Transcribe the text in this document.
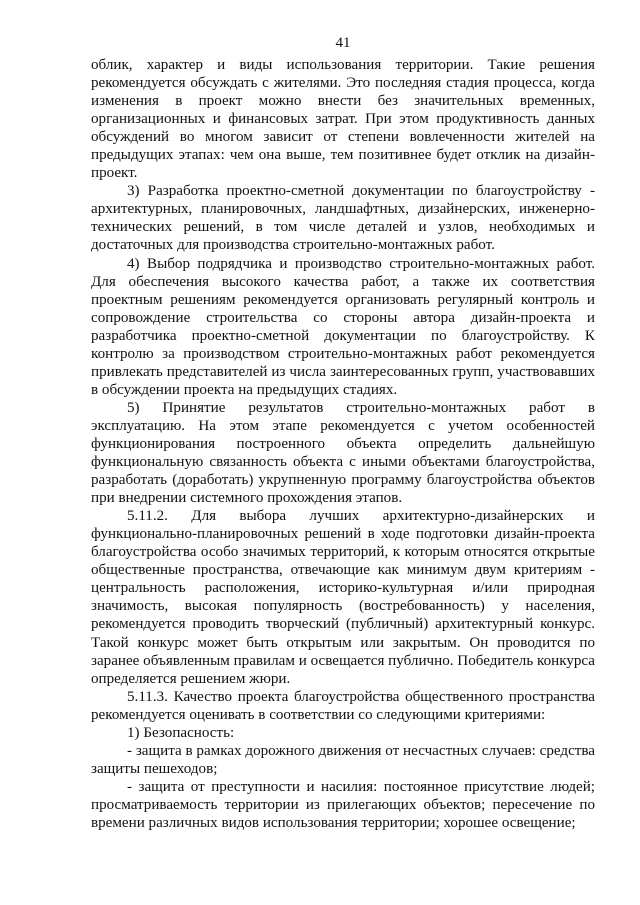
41

облик, характер и виды использования территории. Такие решения рекомендуется обсуждать с жителями. Это последняя стадия процесса, когда изменения в проект можно внести без значительных временных, организационных и финансовых затрат. При этом продуктивность данных обсуждений во многом зависит от степени вовлеченности жителей на предыдущих этапах: чем она выше, тем позитивнее будет отклик на дизайн-проект.

3) Разработка проектно-сметной документации по благоустройству - архитектурных, планировочных, ландшафтных, дизайнерских, инженерно-технических решений, в том числе деталей и узлов, необходимых и достаточных для производства строительно-монтажных работ.

4) Выбор подрядчика и производство строительно-монтажных работ. Для обеспечения высокого качества работ, а также их соответствия проектным решениям рекомендуется организовать регулярный контроль и сопровождение строительства со стороны автора дизайн-проекта и разработчика проектно-сметной документации по благоустройству. К контролю за производством строительно-монтажных работ рекомендуется привлекать представителей из числа заинтересованных групп, участвовавших в обсуждении проекта на предыдущих стадиях.

5) Принятие результатов строительно-монтажных работ в эксплуатацию. На этом этапе рекомендуется с учетом особенностей функционирования построенного объекта определить дальнейшую функциональную связанность объекта с иными объектами благоустройства, разработать (доработать) укрупненную программу благоустройства объектов при внедрении системного прохождения этапов.

5.11.2. Для выбора лучших архитектурно-дизайнерских и функционально-планировочных решений в ходе подготовки дизайн-проекта благоустройства особо значимых территорий, к которым относятся открытые общественные пространства, отвечающие как минимум двум критериям - центральность расположения, историко-культурная и/или природная значимость, высокая популярность (востребованность) у населения, рекомендуется проводить творческий (публичный) архитектурный конкурс. Такой конкурс может быть открытым или закрытым. Он проводится по заранее объявленным правилам и освещается публично. Победитель конкурса определяется решением жюри.

5.11.3. Качество проекта благоустройства общественного пространства рекомендуется оценивать в соответствии со следующими критериями:

1) Безопасность:

- защита в рамках дорожного движения от несчастных случаев: средства защиты пешеходов;

- защита от преступности и насилия: постоянное присутствие людей; просматриваемость территории из прилегающих объектов; пересечение по времени различных видов использования территории; хорошее освещение;
